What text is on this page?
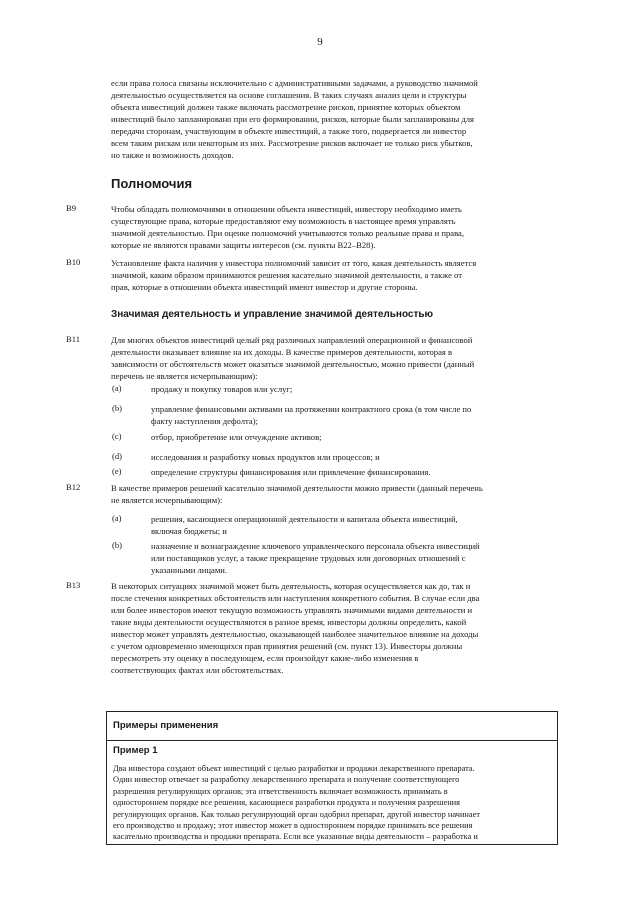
9
если права голоса связаны исключительно с административными задачами, а руководство значимой
деятельностью осуществляется на основе соглашения. В таких случаях анализ цели и структуры
объекта инвестиций должен также включать рассмотрение рисков, принятие которых объектом
инвестиций было запланировано при его формировании, рисков, которые были запланированы для
передачи сторонам, участвующим в объекте инвестиций, а также того, подвергается ли инвестор
всем таким рискам или некоторым из них. Рассмотрение рисков включает не только риск убытков,
но также и возможность доходов.
Полномочия
B9	Чтобы обладать полномочиями в отношении объекта инвестиций, инвестору необходимо иметь
существующие права, которые предоставляют ему возможность в настоящее время управлять
значимой деятельностью. При оценке полномочий учитываются только реальные права и права,
которые не являются правами защиты интересов (см. пункты B22–B28).
B10	Установление факта наличия у инвестора полномочий зависит от того, какая деятельность является
значимой, каким образом принимаются решения касательно значимой деятельности, а также от
прав, которые в отношении объекта инвестиций имеют инвестор и другие стороны.
Значимая деятельность и управление значимой деятельностью
B11	Для многих объектов инвестиций целый ряд различных направлений операционной и финансовой
деятельности оказывает влияние на их доходы. В качестве примеров деятельности, которая в
зависимости от обстоятельств может оказаться значимой деятельностью, можно привести (данный
перечень не является исчерпывающим):
(a)	продажу и покупку товаров или услуг;
(b)	управление финансовыми активами на протяжении контрактного срока (в том числе по
факту наступления дефолта);
(c)	отбор, приобретение или отчуждение активов;
(d)	исследования и разработку новых продуктов или процессов; и
(e)	определение структуры финансирования или привлечение финансирования.
B12	В качестве примеров решений касательно значимой деятельности можно привести (данный перечень
не является исчерпывающим):
(a)	решения, касающиеся операционной деятельности и капитала объекта инвестиций,
включая бюджеты; и
(b)	назначение и вознаграждение ключевого управленческого персонала объекта инвестиций
или поставщиков услуг, а также прекращение трудовых или договорных отношений с
указанными лицами.
B13	В некоторых ситуациях значимой может быть деятельность, которая осуществляется как до, так и
после стечения конкретных обстоятельств или наступления конкретного события. В случае если два
или более инвесторов имеют текущую возможность управлять значимыми видами деятельности и
такие виды деятельности осуществляются в разное время, инвесторы должны определить, какой
инвестор может управлять деятельностью, оказывающей наиболее значительное влияние на доходы
с учетом одновременно имеющихся прав принятия решений (см. пункт 13). Инвесторы должны
пересмотреть эту оценку в последующем, если произойдут какие-либо изменения в
соответствующих фактах или обстоятельствах.
Примеры применения
Пример 1
Два инвестора создают объект инвестиций с целью разработки и продажи лекарственного препарата.
Один инвестор отвечает за разработку лекарственного препарата и получение соответствующего
разрешения регулирующих органов; эта ответственность включает возможность принимать в
одностороннем порядке все решения, касающиеся разработки продукта и получения разрешения
регулирующих органов. Как только регулирующий орган одобрил препарат, другой инвестор начинает
его производство и продажу; этот инвестор может в одностороннем порядке принимать все решения
касательно производства и продажи препарата. Если все указанные виды деятельности – разработка и
